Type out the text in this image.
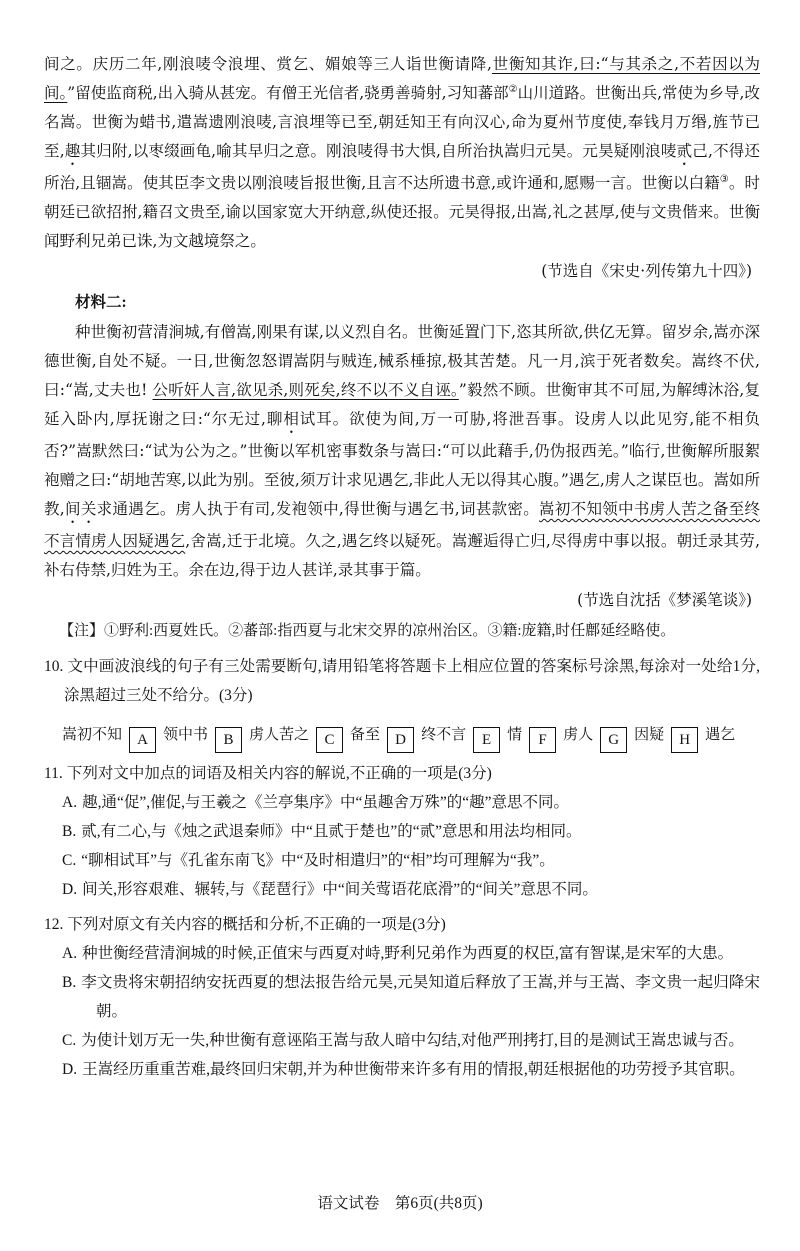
间之。庆历二年,刚浪唛令浪埋、赏乞、媚娘等三人诣世衡请降,世衡知其诈,曰:“与其杀之,不若因以为间。”留使监商税,出入骑从甚宠。有僧王光信者,骁勇善骑射,习知蕃部②山川道路。世衡出兵,常使为乡导,改名嵩。世衡为蜡书,遣嵩遗刚浪唛,言浪埋等已至,朝廷知王有向汉心,命为夏州节度使,奉钱月万缗,旌节已至,趣其归附,以枣缀画龟,喻其早归之意。刚浪唛得书大惧,自所治执嵩归元昊。元昊疑刚浪唛贰己,不得还所治,且锢嵩。使其臣李文贵以刚浪唛旨报世衡,且言不达所遗书意,或许通和,愿赐一言。世衡以白籍③。时朝廷已欲招拊,籍召文贵至,谕以国家宽大开纳意,纵使还报。元昊得报,出嵩,礼之甚厚,使与文贵偕来。世衡闻野利兄弟已诛,为文越境祭之。

(节选自《宋史·列传第九十四》)

材料二:

种世衡初营清涧城,有僧嵩,刚果有谋,以义烈自名。世衡延置门下,恣其所欲,供亿无算。留岁余,嵩亦深德世衡,自处不疑。一日,世衡忽怒谓嵩阴与贼连,械系棰掠,极其苦楚。凡一月,滨于死者数矣。嵩终不伏,曰:“嵩,丈夫也! 公听奸人言,欲见杀,则死矣,终不以不义自诬。”毅然不顾。世衡审其不可屈,为解缚沐浴,复延入卧内,厚抚谢之曰:“尔无过,聊相试耳。欲使为间,万一可胁,将泄吾事。设虏人以此见穷,能不相负否?”嵩默然曰:“试为公为之。”世衡以军机密事数条与嵩曰:“可以此藉手,仍伪报西羌。”临行,世衡解所服絮袍赠之曰:“胡地苦寒,以此为别。至彼,须万计求见遇乞,非此人无以得其心腹。”遇乞,虏人之谋臣也。嵩如所教,间关求通遇乞。虏人执于有司,发袍领中,得世衡与遇乞书,词甚款密。嵩初不知领中书虏人苦之备至终不言情虏人因疑遇乞,舍嵩,迁于北境。久之,遇乞终以疑死。嵩邂逅得亡归,尽得虏中事以报。朝迁录其劳,补右侍禁,归姓为王。余在边,得于边人甚详,录其事于篇。

(节选自沈括《梦溪笔谈》)

【注】①野利:西夏姓氏。②蕃部:指西夏与北宋交界的凉州治区。③籍:庞籍,时任鄜延经略使。

10. 文中画波浪线的句子有三处需要断句,请用铅笔将答题卡上相应位置的答案标号涂黑,每涂对一处给1分,涂黑超过三处不给分。(3分)

嵩初不知 A 领中书 B 虏人苦之 C 备至 D 终不言 E 情 F 虏人 G 因疑 H 遇乞

11. 下列对文中加点的词语及相关内容的解说,不正确的一项是(3分)

A. 趣,通“促”,催促,与王羲之《兰亭集序》中“虽趣舍万殊”的“趣”意思不同。

B. 贰,有二心,与《烛之武退秦师》中“且贰于楚也”的“贰”意思和用法均相同。

C. “聊相试耳”与《孔雀东南飞》中“及时相遣归”的“相”均可理解为“我”。

D. 间关,形容艰难、辗转,与《琵琶行》中“间关莺语花底滑”的“间关”意思不同。

12. 下列对原文有关内容的概括和分析,不正确的一项是(3分)

A. 种世衡经营清涧城的时候,正值宋与西夏对峙,野利兄弟作为西夏的权臣,富有智谋,是宋军的大患。

B. 李文贵将宋朝招纳安抚西夏的想法报告给元昊,元昊知道后释放了王嵩,并与王嵩、李文贵一起归降宋朝。

C. 为使计划万无一失,种世衡有意诬陷王嵩与敌人暗中勾结,对他严刑拷打,目的是测试王嵩忠诚与否。

D. 王嵩经历重重苦难,最终回归宋朝,并为种世衡带来许多有用的情报,朝廷根据他的功劳授予其官职。

语文试卷　第6页(共8页)
